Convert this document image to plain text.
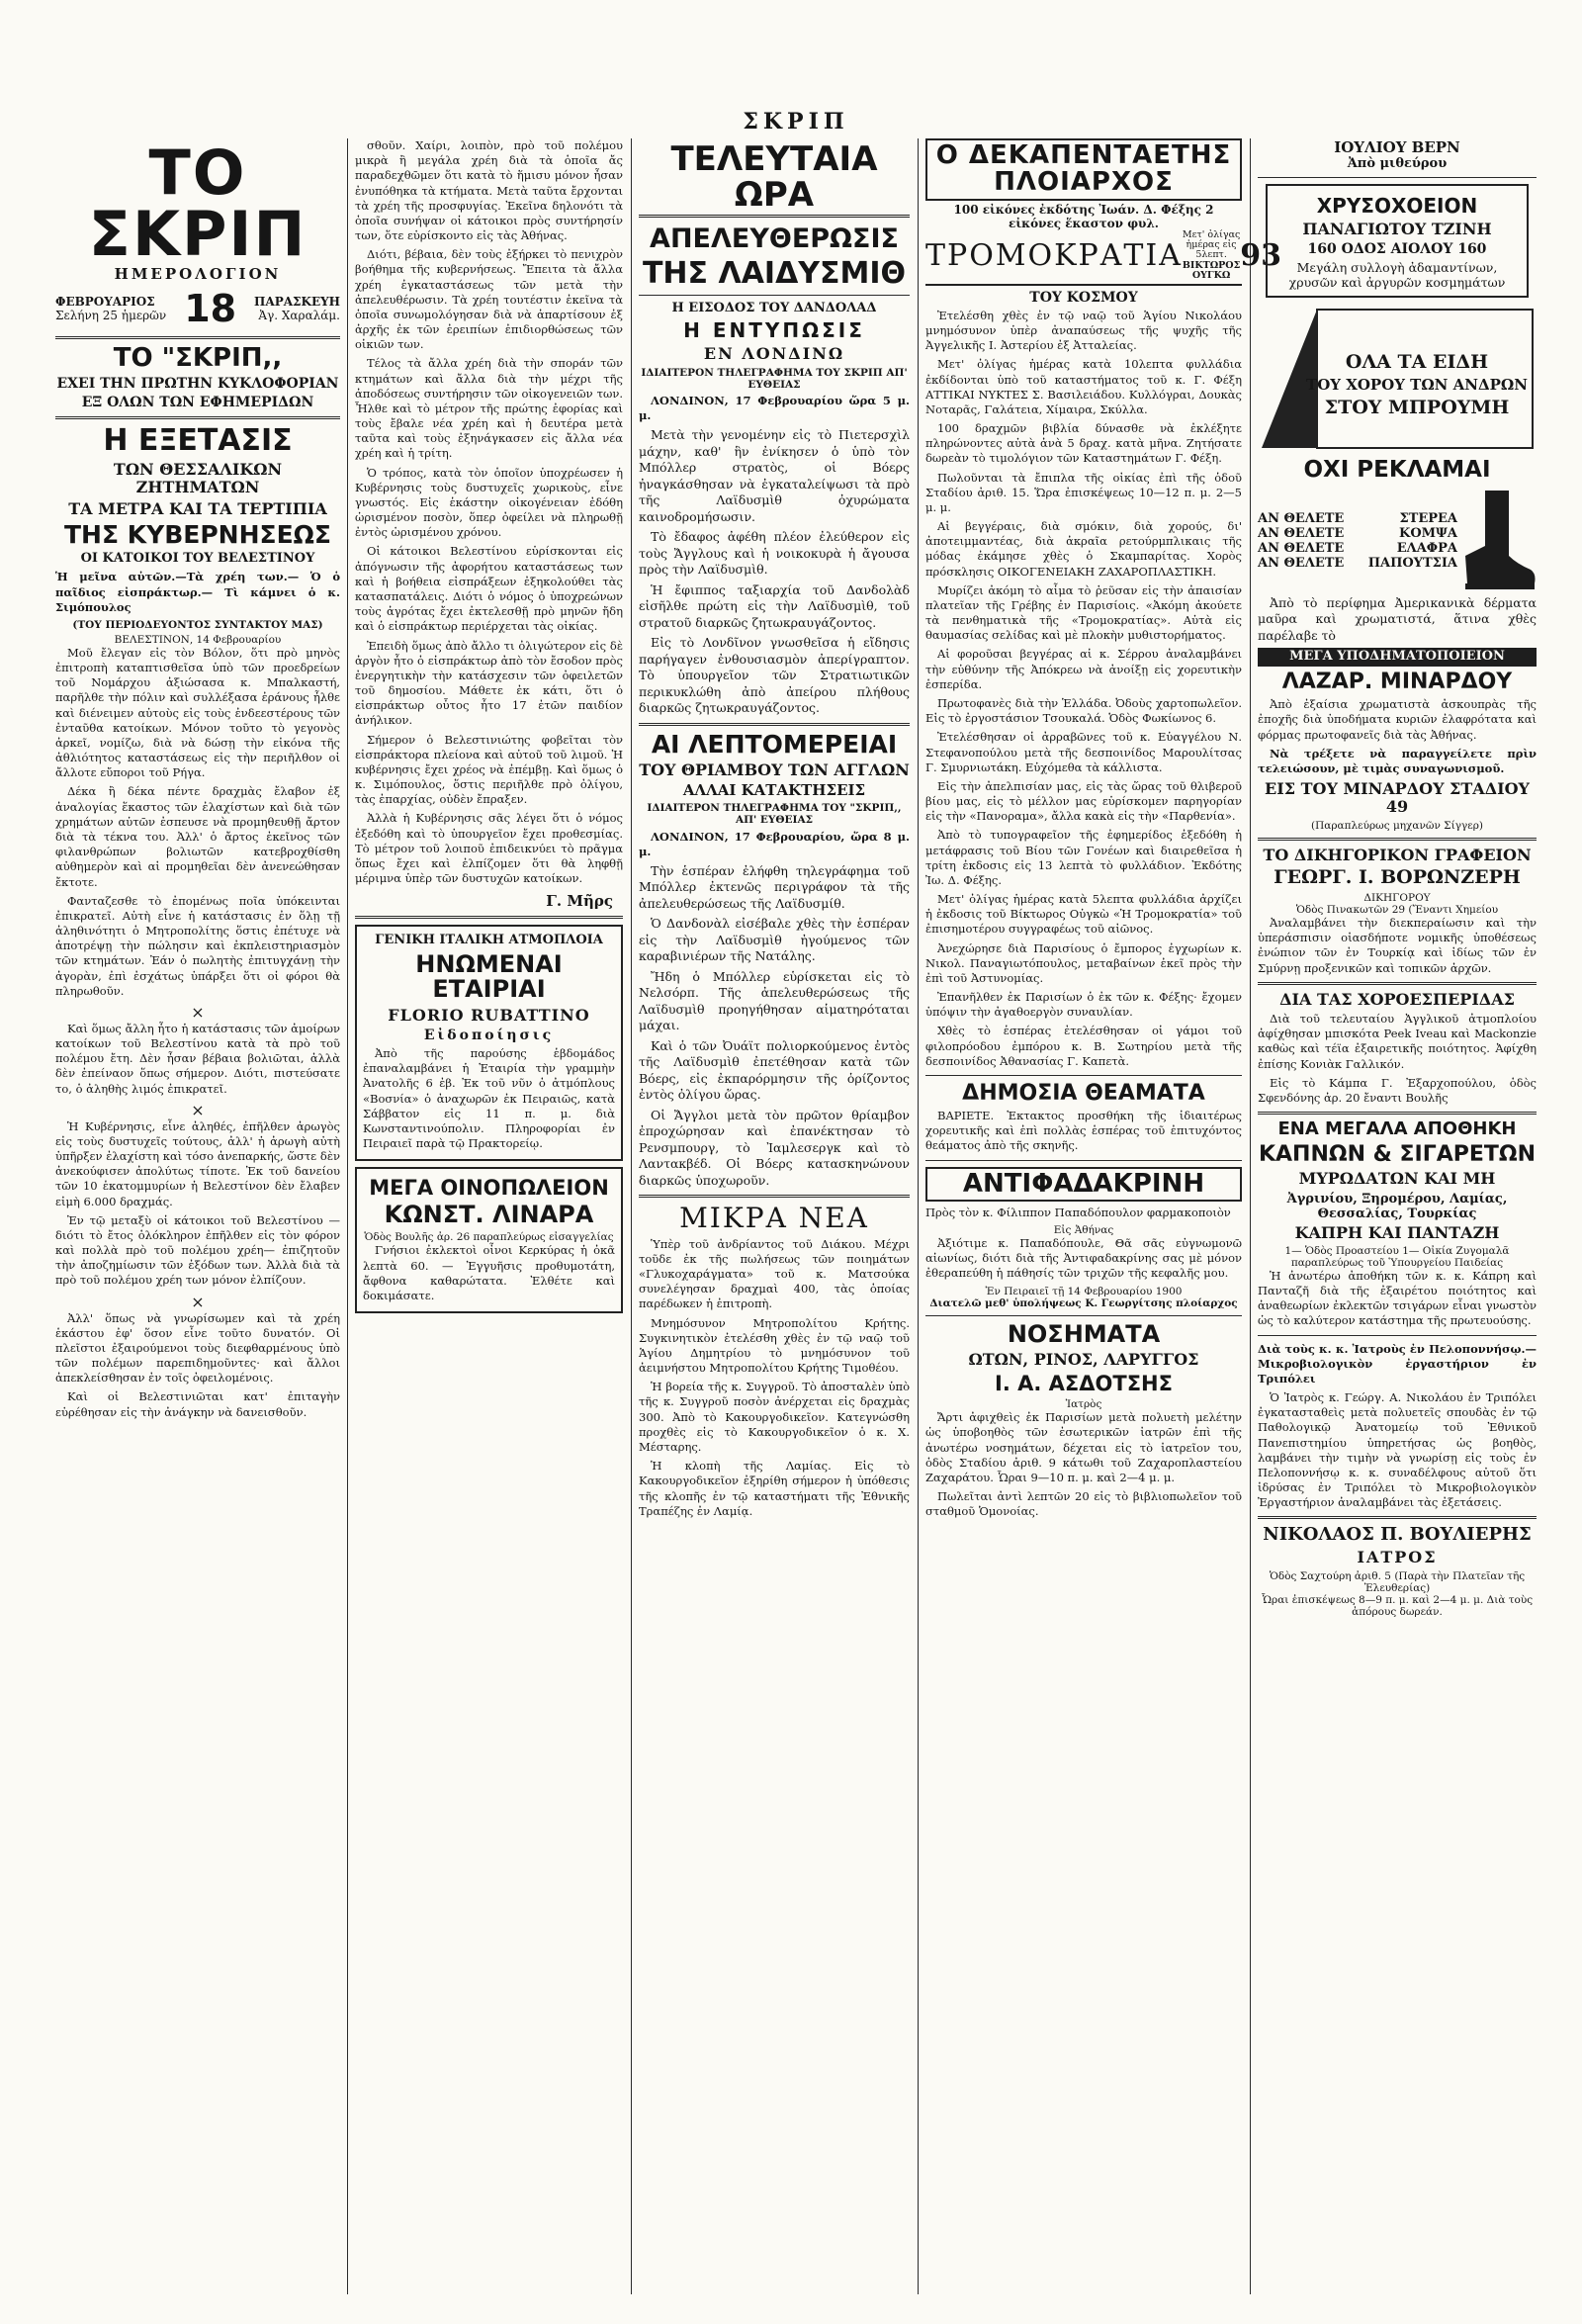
ΣΚΡΙΠ
ΤΟ ΣΚΡΙΠ
ΗΜΕΡΟΛΟΓΙΟΝ
ΦΕΒΡΟΥΑΡΙΟΣ
Σελήνη 25 ἡμερῶν 18 ΠΑΡΑΣΚΕΥΗ
Ἀγ. Χαραλάμ.
ΤΟ "ΣΚΡΙΠ,,
ΕΧΕΙ ΤΗΝ ΠΡΩΤΗΝ ΚΥΚΛΟΦΟΡΙΑΝ
ΕΞ ΟΛΩΝ ΤΩΝ ΕΦΗΜΕΡΙΔΩΝ
Η ΕΞΕΤΑΣΙΣ
ΤΩΝ ΘΕΣΣΑΛΙΚΩΝ ΖΗΤΗΜΑΤΩΝ
ΤΑ ΜΕΤΡΑ ΚΑΙ ΤΑ ΤΕΡΤΙΠΙΑ
ΤΗΣ ΚΥΒΕΡΝΗΣΕΩΣ
ΟΙ ΚΑΤΟΙΚΟΙ ΤΟΥ ΒΕΛΕΣΤΙΝΟΥ

Ἡ μεῖνα αὐτῶν.—Τὰ χρέη των.— Ὁ ὁ παῖδιος εἰσπράκτωρ.— Τὶ κάμνει ὁ κ. Σιμόπουλος

(ΤΟΥ ΠΕΡΙΟΔΕΥΟΝΤΟΣ ΣΥΝΤΑΚΤΟΥ ΜΑΣ)
ΒΕΛΕΣΤΙΝΟΝ, 14 Φεβρουαρίου

Μοῦ ἔλεγαν εἰς τὸν Βόλον, ὅτι πρὸ μηνὸς ἐπιτροπὴ καταπτισθεῖσα ὑπὸ τῶν προεδρείων τοῦ Νομάρχου ἀξιώσασα κ. Μπαλκαστή, παρῆλθε τὴν πόλιν καὶ συλλέξασα ἐράνους ἦλθε καὶ διένειμεν αὐτοὺς εἰς τοὺς ἐνδεεστέρους τῶν ἐνταῦθα κατοίκων. Μόνον τοῦτο τὸ γεγονὸς ἀρκεῖ, νομίζω, διὰ νὰ δώσῃ τὴν εἰκόνα τῆς ἀθλιότητος καταστάσεως εἰς τὴν περιῆλθον οἱ ἄλλοτε εὔποροι τοῦ Ρήγα.

Δέκα ἢ δέκα πέντε δραχμὰς ἔλαβον ἐξ ἀναλογίας ἕκαστος τῶν ἐλαχίστων καὶ διὰ τῶν χρημάτων αὐτῶν ἐσπευσε νὰ προμηθευθῇ ἄρτον διὰ τὰ τέκνα του. Ἀλλ' ὁ ἄρτος ἐκεῖνος τῶν φιλανθρώπων βολιωτῶν κατεβροχθίσθη αὐθημερὸν καὶ αἱ προμηθεῖαι δὲν ἀνενεώθησαν ἔκτοτε.

Φανταζεσθε τὸ ἐπομένως ποῖα ὑπόκεινται ἐπικρατεῖ. Αὐτὴ εἶνε ἡ κατάστασις ἐν ὅλῃ τῇ ἀληθινότητι ὁ Μητροπολίτης ὅστις ἐπέτυχε νὰ ἀποτρέψῃ τὴν πώλησιν καὶ ἐκπλειστηριασμὸν τῶν κτημάτων. Ἐάν ὁ πωλητὴς ἐπιτυγχάνῃ τὴν ἀγορὰν, ἐπὶ ἐσχάτως ὑπάρξει ὅτι οἱ φόροι θὰ πληρωθοῦν.

×

Καὶ ὅμως ἄλλη ἦτο ἡ κατάστασις τῶν ἀμοίρων κατοίκων τοῦ Βελεστίνου κατὰ τὰ πρὸ τοῦ πολέμου ἔτη. Δὲν ἦσαν βέβαια βολιῶται, ἀλλὰ δὲν ἐπείναον ὅπως σήμερον. Διότι, πιστεύσατε το, ὁ ἀληθὴς λιμός ἐπικρατεῖ.

×

Ἡ Κυβέρνησις, εἶνε ἀληθές, ἐπῆλθεν ἀρωγὸς εἰς τοὺς δυστυχεῖς τούτους, ἀλλ' ἡ ἀρωγὴ αὐτὴ ὑπῆρξεν ἐλαχίστη καὶ τόσο ἀνεπαρκής, ὥστε δὲν ἀνεκούφισεν ἀπολύτως τίποτε. Ἐκ τοῦ δανείου τῶν 10 ἑκατομμυρίων ἡ Βελεστίνον δὲν ἔλαβεν εἰμὴ 6.000 δραχμάς.

Ἐν τῷ μεταξὺ οἱ κάτοικοι τοῦ Βελεστίνου —διότι τὸ ἔτος ὁλόκληρον ἐπῆλθεν εἰς τὸν φόρον καὶ πολλὰ πρὸ τοῦ πολέμου χρέη— ἐπιζητοῦν τὴν ἀποζημίωσιν τῶν ἐξόδων των. Ἀλλὰ διὰ τὰ πρὸ τοῦ πολέμου χρέη των μόνον ἐλπίζουν.

×

Ἀλλ' ὅπως νὰ γνωρίσωμεν καὶ τὰ χρέη ἑκάστου ἐφ' ὅσον εἶνε τοῦτο δυνατόν. Οἱ πλεῖστοι ἐξαιρούμενοι τοὺς διεφθαρμένους ὑπὸ τῶν πολέμων παρεπιδημοῦντες· καὶ ἄλλοι ἀπεκλείσθησαν ἐν τοῖς ὀφειλομένοις.

Καὶ οἱ Βελεστινιῶται κατ' ἐπιταγὴν εὑρέθησαν εἰς τὴν ἀνάγκην νὰ δανεισθοῦν.

σθοῦν. Χαίρι, λοιπὸν, πρὸ τοῦ πολέμου μικρὰ ἢ μεγάλα χρέη διὰ τὰ ὁποῖα ἄς παραδεχθῶμεν ὅτι κατὰ τὸ ἥμισυ μόνον ἦσαν ἐνυπόθηκα τὰ κτήματα. Μετὰ ταῦτα ἔρχονται τὰ χρέη τῆς προσφυγίας. Ἐκεῖνα δηλονότι τὰ ὁποῖα συνήψαν οἱ κάτοικοι πρὸς συντήρησίν των, ὅτε εὑρίσκοντο εἰς τὰς Ἀθήνας.

Διότι, βέβαια, δὲν τοὺς ἐξήρκει τὸ πενιχρὸν βοήθημα τῆς κυβερνήσεως. Ἔπειτα τὰ ἄλλα χρέη ἐγκαταστάσεως τῶν μετὰ τὴν ἀπελευθέρωσιν. Τὰ χρέη τουτέστιν ἐκεῖνα τὰ ὁποῖα συνωμολόγησαν διὰ νὰ ἀπαρτίσουν ἐξ ἀρχῆς ἐκ τῶν ἐρειπίων ἐπιδιορθώσεως τῶν οἰκιῶν των.

Τέλος τὰ ἄλλα χρέη διὰ τὴν σποράν τῶν κτημάτων καὶ ἄλλα διὰ τὴν μέχρι τῆς ἀποδόσεως συντήρησιν τῶν οἰκογενειῶν των. Ἦλθε καὶ τὸ μέτρον τῆς πρώτης ἐφορίας καὶ τοὺς ἔβαλε νέα χρέη καὶ ἡ δευτέρα μετὰ ταῦτα καὶ τοὺς ἐξηνάγκασεν εἰς ἄλλα νέα χρέη καὶ ἡ τρίτη.

Ὁ τρόπος, κατὰ τὸν ὁποῖον ὑποχρέωσεν ἡ Κυβέρνησις τοὺς δυστυχεῖς χωρικοὺς, εἶνε γνωστός. Εἰς ἑκάστην οἰκογένειαν ἐδόθη ὡρισμένον ποσὸν, ὅπερ ὀφείλει νὰ πληρωθῇ ἐντὸς ὡρισμένου χρόνου.

Οἱ κάτοικοι Βελεστίνου εὑρίσκονται εἰς ἀπόγνωσιν τῆς ἀφορήτου καταστάσεως των καὶ ἡ βοήθεια εἰσπράξεων ἐξηκολούθει τὰς κατασπατάλεις. Διότι ὁ νόμος ὁ ὑποχρεώνων τοὺς ἀγρότας ἔχει ἐκτελεσθῇ πρὸ μηνῶν ἤδη καὶ ὁ εἰσπράκτωρ περιέρχεται τὰς οἰκίας.

Ἐπειδὴ ὅμως ἀπὸ ἄλλο τι ὀλιγώτερον εἰς δὲ ἀργὸν ἦτο ὁ εἰσπράκτωρ ἀπὸ τὸν ἔσοδον πρὸς ἐνεργητικὴν τὴν κατάσχεσιν τῶν ὀφειλετῶν τοῦ δημοσίου. Μάθετε ἐκ κάτι, ὅτι ὁ εἰσπράκτωρ οὗτος ἦτο 17 ἐτῶν παιδίον ἀνήλικον.

Σήμερον ὁ Βελεστινιώτης φοβεῖται τὸν εἰσπράκτορα πλείονα καὶ αὐτοῦ τοῦ λιμοῦ. Ἡ κυβέρνησις ἔχει χρέος νὰ ἐπέμβῃ. Καὶ ὅμως ὁ κ. Σιμόπουλος, ὅστις περιῆλθε πρὸ ὀλίγου, τὰς ἐπαρχίας, οὐδὲν ἔπραξεν.

Ἀλλὰ ἡ Κυβέρνησις σᾶς λέγει ὅτι ὁ νόμος ἐξεδόθη καὶ τὸ ὑπουργεῖον ἔχει προθεσμίας. Τὸ μέτρον τοῦ λοιποῦ ἐπιδεικνύει τὸ πρᾶγμα ὅπως ἔχει καὶ ἐλπίζομεν ὅτι θὰ ληφθῇ μέριμνα ὑπὲρ τῶν δυστυχῶν κατοίκων.

Γ. Μῆρς
ΓΕΝΙΚΗ ΙΤΑΛΙΚΗ ΑΤΜΟΠΛΟΙΑ
ΗΝΩΜΕΝΑΙ ΕΤΑΙΡΙΑΙ
FLORIO RUBATTINO
Εἰδοποίησις

Ἀπὸ τῆς παρούσης ἑβδομάδος ἐπαναλαμβάνει ἡ Ἑταιρία τὴν γραμμὴν Ἀνατολῆς 6 ἐβ. Ἐκ τοῦ νῦν ὁ ἀτμόπλους «Βοσνία» ὁ ἀναχωρῶν ἐκ Πειραιῶς, κατὰ Σάββατον εἰς 11 π. μ. διὰ Κωνσταντινούπολιν. Πληροφορίαι ἐν Πειραιεῖ παρὰ τῷ Πρακτορείῳ.

ΜΕΓΑ ΟΙΝΟΠΩΛΕΙΟΝ
ΚΩΝΣΤ. ΛΙΝΑΡΑ
Ὁδὸς Βουλῆς ἀρ. 26 παραπλεύρως εἰσαγγελίας

Γνήσιοι ἐκλεκτοὶ οἶνοι Κερκύρας ἡ ὀκᾶ λεπτὰ 60. — Ἐγγυῆσις προθυμοτάτη, ἄφθονα καθαρώτατα. Ἐλθέτε καὶ δοκιμάσατε.

ΤΕΛΕΥΤΑΙΑ ΩΡΑ
ΑΠΕΛΕΥΘΕΡΩΣΙΣ
ΤΗΣ ΛΑΙΔΥΣΜΙΘ
Η ΕΙΣΟΔΟΣ ΤΟΥ ΔΑΝΔΟΛΑΔ
Η ΕΝΤΥΠΩΣΙΣ
ΕΝ ΛΟΝΔΙΝΩ
ΙΔΙΑΙΤΕΡΟΝ ΤΗΛΕΓΡΑΦΗΜΑ ΤΟΥ ΣΚΡΙΠ ΑΠ' ΕΥΘΕΙΑΣ

ΛΟΝΔΙΝΟΝ, 17 Φεβρουαρίου ὥρα 5 μ. μ.

Μετὰ τὴν γενομένην εἰς τὸ Πιετερσχὶλ μάχην, καθ' ἣν ἐνίκησεν ὁ ὑπὸ τὸν Μπόλλερ στρατὸς, οἱ Βόερς ἠναγκάσθησαν νὰ ἐγκαταλείψωσι τὰ πρὸ τῆς Λαϊδυσμὶθ ὀχυρώματα καινοδρομήσωσιν.

Τὸ ἔδαφος ἀφέθη πλέον ἐλεύθερον εἰς τοὺς Ἄγγλους καὶ ἡ νοικοκυρὰ ἡ ἄγουσα πρὸς τὴν Λαϊδυσμὶθ.

Ἡ ἔφιππος ταξιαρχία τοῦ Δανδολὰδ εἰσῆλθε πρώτη εἰς τὴν Λαϊδυσμὶθ, τοῦ στρατοῦ διαρκῶς ζητωκραυγάζοντος.

Εἰς τὸ Λονδῖνον γνωσθεῖσα ἡ εἴδησις παρήγαγεν ἐνθουσιασμὸν ἀπερίγραπτον. Τὸ ὑπουργεῖον τῶν Στρατιωτικῶν περικυκλώθη ἀπὸ ἀπείρου πλήθους διαρκῶς ζητωκραυγάζοντος.

ΑΙ ΛΕΠΤΟΜΕΡΕΙΑΙ
ΤΟΥ ΘΡΙΑΜΒΟΥ ΤΩΝ ΑΓΓΛΩΝ
ΑΛΛΑΙ ΚΑΤΑΚΤΗΣΕΙΣ
ΙΔΙΑΙΤΕΡΟΝ ΤΗΛΕΓΡΑΦΗΜΑ ΤΟΥ "ΣΚΡΙΠ,, ΑΠ' ΕΥΘΕΙΑΣ

ΛΟΝΔΙΝΟΝ, 17 Φεβρουαρίου, ὥρα 8 μ. μ.

Τὴν ἑσπέραν ἐλήφθη τηλεγράφημα τοῦ Μπόλλερ ἐκτενῶς περιγράφον τὰ τῆς ἀπελευθερώσεως τῆς Λαϊδυσμίθ.

Ὁ Δανδονὰλ εἰσέβαλε χθὲς τὴν ἑσπέραν εἰς τὴν Λαϊδυσμὶθ ἠγούμενος τῶν καραβινιέρων τῆς Νατάλης.

Ἤδη ὁ Μπόλλερ εὑρίσκεται εἰς τὸ Νελσόρπ. Τῆς ἀπελευθερώσεως τῆς Λαϊδυσμὶθ προηγήθησαν αἱματηρόταται μάχαι.

Καὶ ὁ τῶν Ὀυάϊτ πολιορκούμενος ἐντὸς τῆς Λαϊδυσμὶθ ἐπετέθησαν κατὰ τῶν Βόερς, εἰς ἐκπαρόρμησιν τῆς ὁρίζοντος ἐντὸς ὀλίγου ὥρας.

Οἱ Ἄγγλοι μετὰ τὸν πρῶτον θρίαμβον ἐπροχώρησαν καὶ ἐπανέκτησαν τὸ Ρενσμπουργ, τὸ Ἰαμλεσεργκ καὶ τὸ Λαντακβέδ. Οἱ Βόερς κατασκηνώνουν διαρκῶς ὑποχωροῦν.

ΜΙΚΡΑ ΝΕΑ

Ὑπὲρ τοῦ ἀνδρίαντος τοῦ Διάκου. Μέχρι τοῦδε ἐκ τῆς πωλήσεως τῶν ποιημάτων «Γλυκοχαράγματα» τοῦ κ. Ματσούκα συνελέγησαν δραχμαὶ 400, τὰς ὁποίας παρέδωκεν ἡ ἐπιτροπὴ.

Μνημόσυνον Μητροπολίτου Κρήτης. Συγκινητικὸν ἐτελέσθη χθὲς ἐν τῷ ναῷ τοῦ Ἁγίου Δημητρίου τὸ μνημόσυνον τοῦ ἀειμνήστου Μητροπολίτου Κρήτης Τιμοθέου.

Ἡ βορεία τῆς κ. Συγγροῦ. Τὸ ἀποσταλὲν ὑπὸ τῆς κ. Συγγροῦ ποσὸν ἀνέρχεται εἰς δραχμὰς 300. Ἀπὸ τὸ Κακουργοδικεῖον. Κατεγνώσθη προχθὲς εἰς τὸ Κακουργοδικεῖον ὁ κ. Χ. Μέσταρης.

Ἡ κλοπὴ τῆς Λαμίας. Εἰς τὸ Κακουργοδικεῖον ἐξηρίθη σήμερον ἡ ὑπόθεσις τῆς κλοπῆς ἐν τῷ καταστήματι τῆς Ἐθνικῆς Τραπέζης ἐν Λαμίᾳ.

Ο ΔΕΚΑΠΕΝΤΑΕΤΗΣ ΠΛΟΙΑΡΧΟΣ
100 εἰκόνες ἐκδότης Ἰωάν. Δ. Φέξης 2 εἰκόνες ἕκαστον φυλ.
ΤΡΟΜΟΚΡΑΤΙΑ
Μετ' ὀλίγας ἡμέρας εἰς 5λεπτ.
ΒΙΚΤΩΡΟΣ ΟΥΓΚΩ
93
ΤΟΥ ΚΟΣΜΟΥ

Ἐτελέσθη χθὲς ἐν τῷ ναῷ τοῦ Ἁγίου Νικολάου μνημόσυνον ὑπὲρ ἀναπαύσεως τῆς ψυχῆς τῆς Ἀγγελικῆς Ι. Ἀστερίου ἐξ Ἀτταλείας.

Μετ' ὀλίγας ἡμέρας κατὰ 10λεπτα φυλλάδια ἐκδίδονται ὑπὸ τοῦ καταστήματος τοῦ κ. Γ. Φέξη ΑΤΤΙΚΑΙ ΝΥΚΤΕΣ Σ. Βασιλειάδου. Κυλλόγραι, Δουκὰς Νοταρᾶς, Γαλάτεια, Χίμαιρα, Σκύλλα.

100 δραχμῶν βιβλία δύνασθε νὰ ἐκλέξητε πληρώνοντες αὐτὰ ἀνὰ 5 δραχ. κατὰ μῆνα. Ζητήσατε δωρεὰν τὸ τιμολόγιον τῶν Καταστημάτων Γ. Φέξη.

Πωλοῦνται τὰ ἔπιπλα τῆς οἰκίας ἐπὶ τῆς ὁδοῦ Σταδίου ἀριθ. 15. Ὥρα ἐπισκέψεως 10—12 π. μ. 2—5 μ. μ.

Αἱ βεγγέραις, διὰ σμόκιν, διὰ χορούς, δι' ἀποτειμμαντέας, διὰ ἀκραῖα ρετούρμπλικαις τῆς μόδας ἐκάμησε χθὲς ὁ Σκαμπαρίτας. Χορὸς πρόσκλησις ΟΙΚΟΓΕΝΕΙΑΚΗ ΖΑΧΑΡΟΠΛΑΣΤΙΚΗ.

Μυρίζει ἀκόμη τὸ αἷμα τὸ ῥεῦσαν εἰς τὴν ἀπαισίαν πλατεῖαν τῆς Γρέβης ἐν Παρισίοις. «Ἀκόμη ἀκούετε τὰ πενθηματικὰ τῆς «Τρομοκρατίας». Αὐτὰ εἰς θαυμασίας σελίδας καὶ μὲ πλοκὴν μυθιστορήματος.

Αἱ φοροῦσαι βεγγέρας αἱ κ. Σέρρου ἀναλαμβάνει τὴν εὐθύνην τῆς Ἀπόκρεω νὰ ἀνοίξῃ εἰς χορευτικὴν ἑσπερίδα.

Πρωτοφανὲς διὰ τὴν Ἑλλάδα. Ὀδοὺς χαρτοπωλεῖον. Εἰς τὸ ἐργοστάσιον Τσουκαλά. Ὁδὸς Φωκίωνος 6.

Ἐτελέσθησαν οἱ ἀρραβῶνες τοῦ κ. Εὐαγγέλου Ν. Στεφανοπούλου μετὰ τῆς δεσποινίδος Μαρουλίτσας Γ. Σμυρνιωτάκη. Εὐχόμεθα τὰ κάλλιστα.

Εἰς τὴν ἀπελπισίαν μας, εἰς τὰς ὥρας τοῦ θλιβεροῦ βίου μας, εἰς τὸ μέλλον μας εὑρίσκομεν παρηγορίαν εἰς τὴν «Πανοραμα», ἄλλα κακὰ εἰς τὴν «Παρθενία».

Ἀπὸ τὸ τυπογραφεῖον τῆς ἐφημερίδος ἐξεδόθη ἡ μετάφρασις τοῦ Βίου τῶν Γονέων καὶ διαιρεθεῖσα ἡ τρίτη ἐκδοσις εἰς 13 λεπτὰ τὸ φυλλάδιον. Ἐκδότης Ἰω. Δ. Φέξης.

Μετ' ὀλίγας ἡμέρας κατὰ 5λεπτα φυλλάδια ἀρχίζει ἡ ἐκδοσις τοῦ Βίκτωρος Οὐγκὼ «Ἡ Τρομοκρατία» τοῦ ἐπισημοτέρου συγγραφέως τοῦ αἰῶνος.

Ἀνεχώρησε διὰ Παρισίους ὁ ἔμπορος ἐγχωρίων κ. Νικολ. Παναγιωτόπουλος, μεταβαίνων ἐκεῖ πρὸς τὴν ἐπὶ τοῦ Ἀστυνομίας.

Ἐπανῆλθεν ἐκ Παρισίων ὁ ἐκ τῶν κ. Φέξης· ἔχομεν ὑπόψιν τὴν ἀγαθοεργὸν συναυλίαν.

Χθὲς τὸ ἑσπέρας ἐτελέσθησαν οἱ γάμοι τοῦ φιλοπρόοδου ἐμπόρου κ. Β. Σωτηρίου μετὰ τῆς δεσποινίδος Ἀθανασίας Γ. Καπετὰ.

ΔΗΜΟΣΙΑ ΘΕΑΜΑΤΑ

ΒΑΡΙΕΤΕ. Ἑκτακτος προσθήκη τῆς ἰδιαιτέρως χορευτικῆς καὶ ἐπὶ πολλὰς ἑσπέρας τοῦ ἐπιτυχόντος θεάματος ἀπὸ τῆς σκηνῆς.

ΑΝΤΙΦΑΔΑΚΡΙΝΗ

Πρὸς τὸν κ. Φίλιππον Παπαδόπουλον φαρμακοποιὸν

Εἰς Ἀθήνας

Ἀξιότιμε κ. Παπαδόπουλε, Θᾶ σᾶς εὐγνωμονῶ αἰωνίως, διότι διὰ τῆς Ἀντιφαδακρίνης σας μὲ μόνον ἐθεραπεύθη ἡ πάθησίς τῶν τριχῶν τῆς κεφαλῆς μου.

Ἐν Πειραιεῖ τῇ 14 Φεβρουαρίου 1900
Διατελῶ μεθ' ὑπολήψεως Κ. Γεωργίτσης πλοίαρχος
ΝΟΣΗΜΑΤΑ
ΩΤΩΝ, ΡΙΝΟΣ, ΛΑΡΥΓΓΟΣ
Ι. Α. ΑΣΔΟΤΣΗΣ
Ἰατρὸς

Ἄρτι ἀφιχθεὶς ἐκ Παρισίων μετὰ πολυετὴ μελέτην ὡς ὑποβοηθὸς τῶν ἐσωτερικῶν ἰατρῶν ἐπὶ τῆς ἀνωτέρω νοσημάτων, δέχεται εἰς τὸ ἰατρεῖον του, ὁδὸς Σταδίου ἀριθ. 9 κάτωθι τοῦ Ζαχαροπλαστείου Ζαχαράτου. Ὧραι 9—10 π. μ. καὶ 2—4 μ. μ.

Πωλεῖται ἀντὶ λεπτῶν 20 εἰς τὸ βιβλιοπωλεῖον τοῦ σταθμοῦ Ὁμονοίας.

ΙΟΥΛΙΟΥ ΒΕΡΝ
Ἀπὸ μιθεύρου
ΧΡΥΣΟΧΟΕΙΟΝ
ΠΑΝΑΓΙΩΤΟΥ ΤΖΙΝΗ
160 ΟΔΟΣ ΑΙΟΛΟΥ 160
Μεγάλη συλλογὴ ἀδαμαντίνων, χρυσῶν καὶ ἀργυρῶν κοσμημάτων
ΟΛΑ ΤΑ ΕΙΔΗ
ΤΟΥ ΧΟΡΟΥ ΤΩΝ ΑΝΔΡΩΝ
ΣΤΟΥ ΜΠΡΟΥΜΗ
ΟΧΙ ΡΕΚΛΑΜΑΙ
ΑΝ ΘΕΛΕΤΕ	ΣΤΕΡΕΑ
ΑΝ ΘΕΛΕΤΕ	ΚΟΜΨΑ
ΑΝ ΘΕΛΕΤΕ	ΕΛΑΦΡΑ
ΑΝ ΘΕΛΕΤΕ ΠΑΠΟΥΤΣΙΑ

Ἀπὸ τὸ περίφημα Ἀμερικανικὰ δέρματα μαῦρα καὶ χρωματιστά, ἅτινα χθὲς παρέλαβε τὸ

ΜΕΓΑ ΥΠΟΔΗΜΑΤΟΠΟΙΕΙΟΝ
ΛΑΖΑΡ. ΜΙΝΑΡΔΟΥ

Ἀπὸ ἐξαίσια χρωματιστὰ ἀσκουπρὰς τῆς ἐποχῆς διὰ ὑποδήματα κυριῶν ἐλαφρότατα καὶ φόρμας πρωτοφανεῖς διὰ τὰς Ἀθήνας.

Νὰ τρέξετε νὰ παραγγείλετε πρὶν τελειώσουν, μὲ τιμὰς συναγωνισμοῦ.

ΕΙΣ ΤΟΥ ΜΙΝΑΡΔΟΥ ΣΤΑΔΙΟΥ 49
(Παραπλεύρως μηχανῶν Σίγγερ)
ΤΟ ΔΙΚΗΓΟΡΙΚΟΝ ΓΡΑΦΕΙΟΝ
ΓΕΩΡΓ. Ι. ΒΟΡΩΝΖΕΡΗ
ΔΙΚΗΓΟΡΟΥ
Ὁδὸς Πινακωτῶν 29 (Ἔναντι Χημείου

Ἀναλαμβάνει τὴν διεκπεραίωσιν καὶ τὴν ὑπεράσπισιν οἱασδήποτε νομικῆς ὑποθέσεως ἐνώπιον τῶν ἐν Τουρκίᾳ καὶ ἰδίως τῶν ἐν Σμύρνῃ προξενικῶν καὶ τοπικῶν ἀρχῶν.

ΔΙΑ ΤΑΣ ΧΟΡΟΕΣΠΕΡΙΔΑΣ

Διὰ τοῦ τελευταίου Ἀγγλικοῦ ἀτμοπλοίου ἀφίχθησαν μπισκότα Peek Iveau καὶ Mackonzie καθὼς καὶ τέϊα ἐξαιρετικῆς ποιότητος. Ἀφίχθη ἐπίσης Κονιὰκ Γαλλικόν.

Εἰς τὸ Κάμπα Γ. Ἐξαρχοπούλου, ὁδὸς Σφενδόνης ἀρ. 20 ἔναντι Βουλῆς

ΕΝΑ ΜΕΓΑΛΑ ΑΠΟΘΗΚΗ
ΚΑΠΝΩΝ & ΣΙΓΑΡΕΤΩΝ
ΜΥΡΩΔΑΤΩΝ ΚΑΙ ΜΗ
Ἀγρινίου, Ξηρομέρου, Λαμίας, Θεσσαλίας, Τουρκίας
ΚΑΠΡΗ ΚΑΙ ΠΑΝΤΑΖΗ
1— Ὁδὸς Προαστείου 1— Οἰκία Ζυγομαλᾶ παραπλεύρως τοῦ Ὑπουργείου Παιδείας

Ἡ ἀνωτέρω ἀποθήκη τῶν κ. κ. Κάπρη καὶ Πανταζῆ διὰ τῆς ἐξαιρέτου ποιότητος καὶ ἀναθεωρίων ἐκλεκτῶν τσιγάρων εἶναι γνωστὸν ὡς τὸ καλύτερον κατάστημα τῆς πρωτευούσης.

Διὰ τοὺς κ. κ. Ἰατροὺς ἐν Πελοποννήσῳ.— Μικροβιολογικὸν ἐργαστήριον ἐν Τριπόλει

Ὁ Ἰατρὸς κ. Γεώργ. Α. Νικολάου ἐν Τριπόλει ἐγκατασταθεὶς μετὰ πολυετεῖς σπουδὰς ἐν τῷ Παθολογικῷ Ἀνατομείῳ τοῦ Ἐθνικοῦ Πανεπιστημίου ὑπηρετήσας ὡς βοηθὸς, λαμβάνει τὴν τιμὴν νὰ γνωρίσῃ εἰς τοὺς ἐν Πελοποννήσῳ κ. κ. συναδέλφους αὐτοῦ ὅτι ἱδρύσας ἐν Τριπόλει τὸ Μικροβιολογικὸν Ἐργαστήριον ἀναλαμβάνει τὰς ἐξετάσεις.

ΝΙΚΟΛΑΟΣ Π. ΒΟΥΛΙΕΡΗΣ
ΙΑΤΡΟΣ
Ὁδὸς Σαχτούρη ἀριθ. 5 (Παρὰ τὴν Πλατεῖαν τῆς Ἐλευθερίας)
Ὧραι ἐπισκέψεως 8—9 π. μ. καὶ 2—4 μ. μ. Διὰ τοὺς ἀπόρους δωρεάν.
